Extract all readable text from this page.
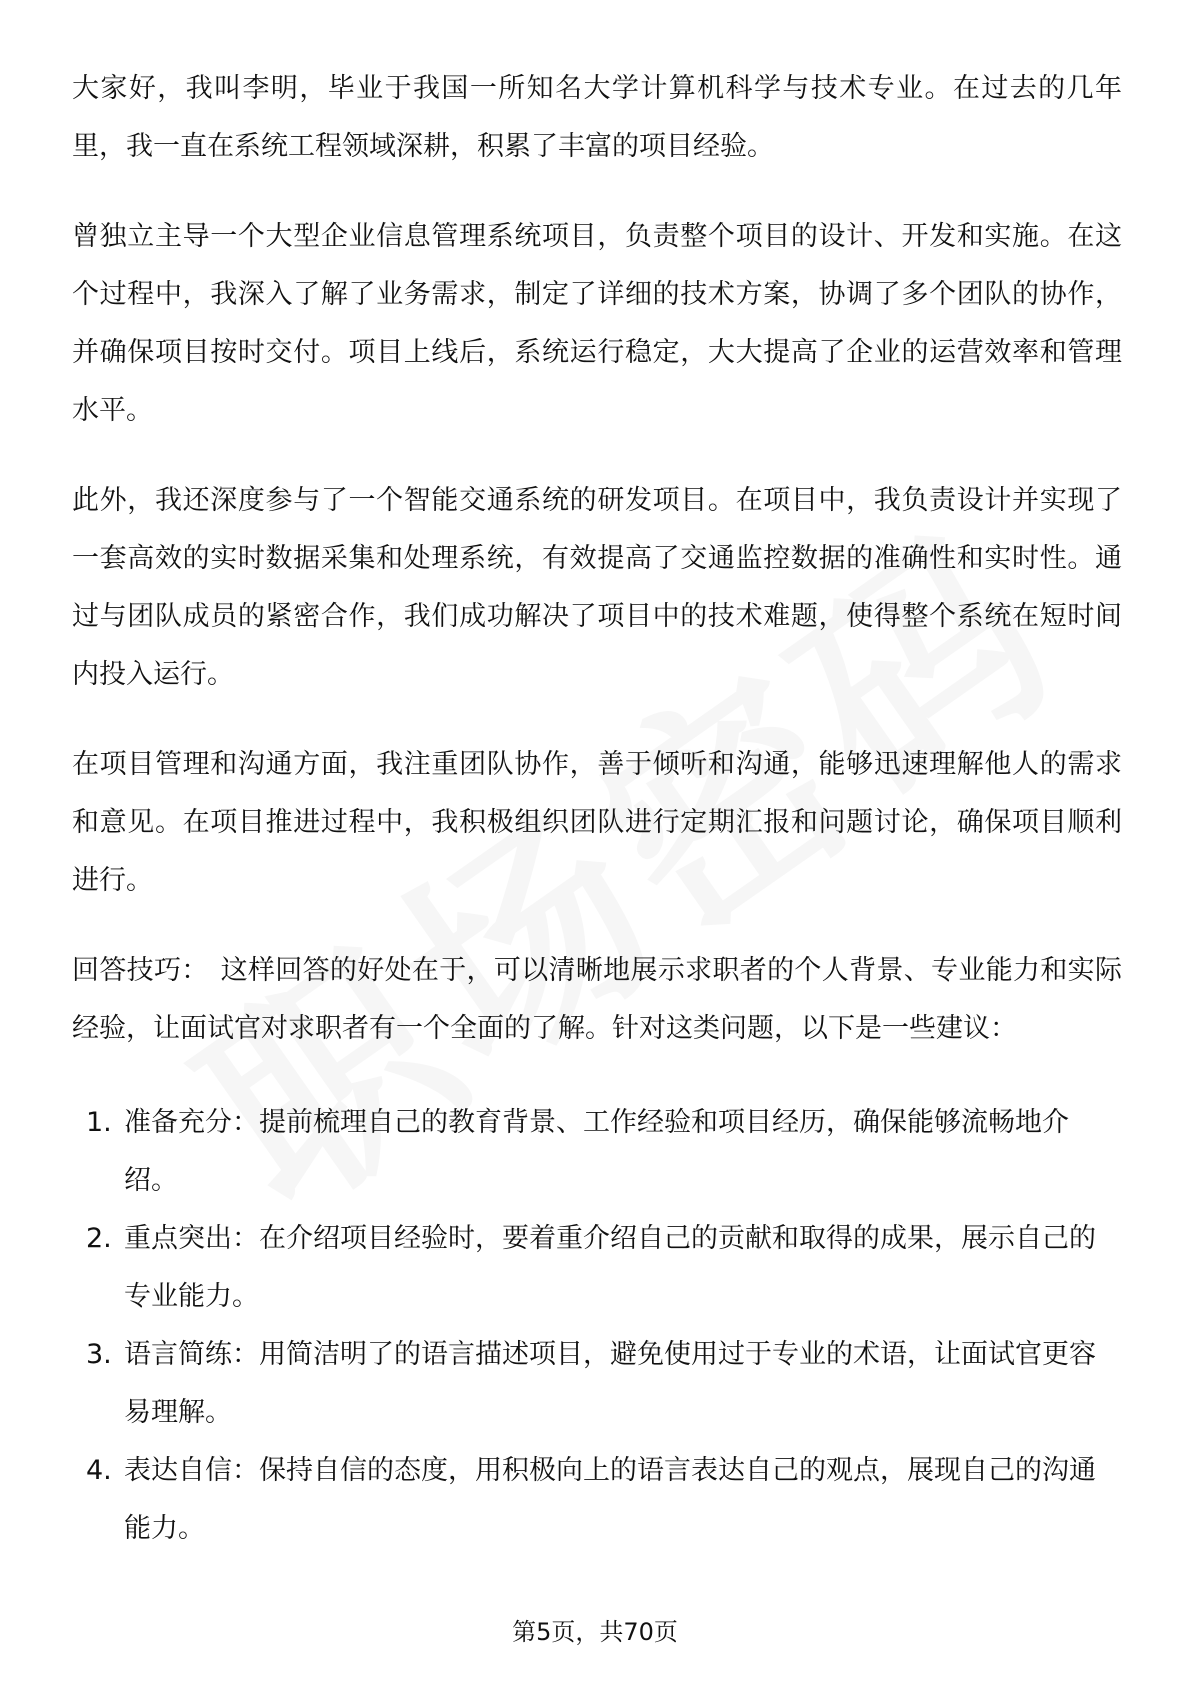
大家好，我叫李明，毕业于我国一所知名大学计算机科学与技术专业。在过去的几年里，我一直在系统工程领域深耕，积累了丰富的项目经验。

曾独立主导一个大型企业信息管理系统项目，负责整个项目的设计、开发和实施。在这个过程中，我深入了解了业务需求，制定了详细的技术方案，协调了多个团队的协作，并确保项目按时交付。项目上线后，系统运行稳定，大大提高了企业的运营效率和管理水平。

此外，我还深度参与了一个智能交通系统的研发项目。在项目中，我负责设计并实现了一套高效的实时数据采集和处理系统，有效提高了交通监控数据的准确性和实时性。通过与团队成员的紧密合作，我们成功解决了项目中的技术难题，使得整个系统在短时间内投入运行。

在项目管理和沟通方面，我注重团队协作，善于倾听和沟通，能够迅速理解他人的需求和意见。在项目推进过程中，我积极组织团队进行定期汇报和问题讨论，确保项目顺利进行。

回答技巧： 这样回答的好处在于，可以清晰地展示求职者的个人背景、专业能力和实际经验，让面试官对求职者有一个全面的了解。针对这类问题，以下是一些建议：

1. 准备充分：提前梳理自己的教育背景、工作经验和项目经历，确保能够流畅地介绍。
2. 重点突出：在介绍项目经验时，要着重介绍自己的贡献和取得的成果，展示自己的专业能力。
3. 语言简练：用简洁明了的语言描述项目，避免使用过于专业的术语，让面试官更容易理解。
4. 表达自信：保持自信的态度，用积极向上的语言表达自己的观点，展现自己的沟通能力。
第5页，共70页
